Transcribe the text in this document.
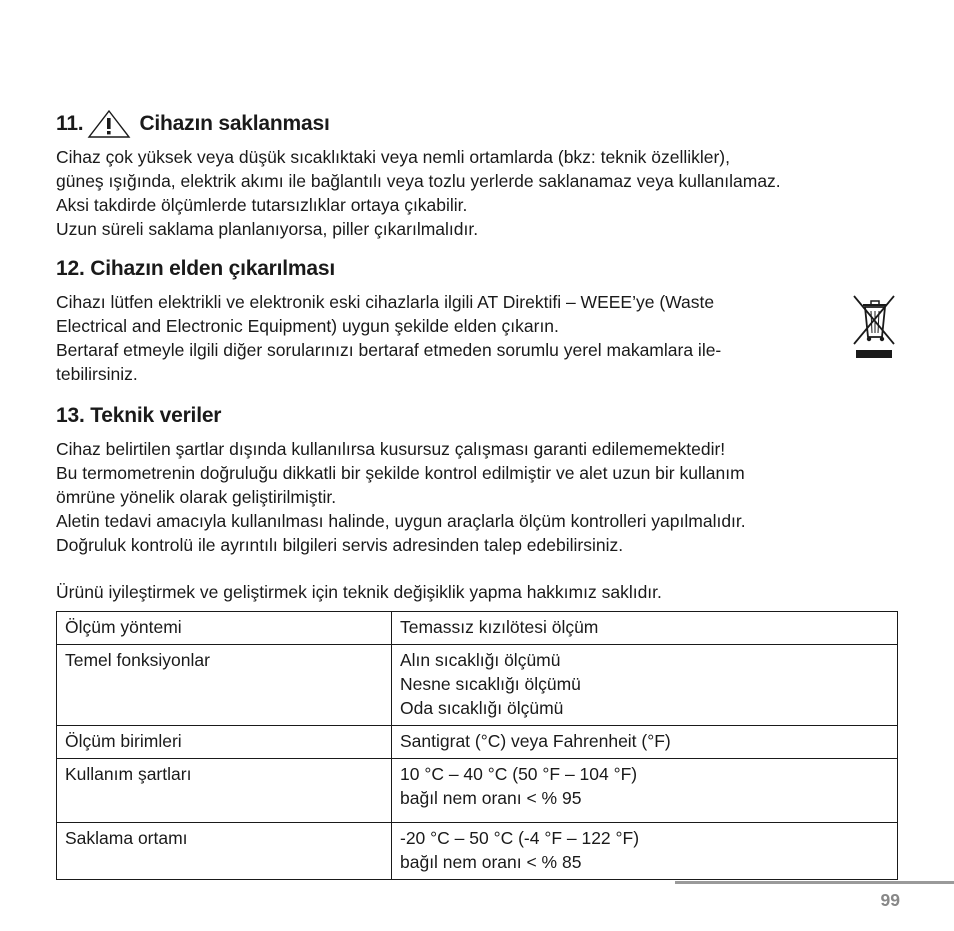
11.	Cihazın saklanması
Cihaz çok yüksek veya düşük sıcaklıktaki veya nemli ortamlarda (bkz: teknik özellikler),
güneş ışığında, elektrik akımı ile bağlantılı veya tozlu yerlerde saklanamaz veya kullanılamaz.
Aksi takdirde ölçümlerde tutarsızlıklar ortaya çıkabilir.
Uzun süreli saklama planlanıyorsa, piller çıkarılmalıdır.
12. Cihazın elden çıkarılması
Cihazı lütfen elektrikli ve elektronik eski cihazlarla ilgili AT Direktifi – WEEE’ye (Waste
Electrical and Electronic Equipment) uygun şekilde elden çıkarın.
Bertaraf etmeyle ilgili diğer sorularınızı bertaraf etmeden sorumlu yerel makamlara ile-
tebilirsiniz.
13. Teknik veriler
Cihaz belirtilen şartlar dışında kullanılırsa kusursuz çalışması garanti edilememektedir!
Bu termometrenin doğruluğu dikkatli bir şekilde kontrol edilmiştir ve alet uzun bir kullanım
ömrüne yönelik olarak geliştirilmiştir.
Aletin tedavi amacıyla kullanılması halinde, uygun araçlarla ölçüm kontrolleri yapılmalıdır.
Doğruluk kontrolü ile ayrıntılı bilgileri servis adresinden talep edebilirsiniz.
Ürünü iyileştirmek ve geliştirmek için teknik değişiklik yapma hakkımız saklıdır.
Ölçüm yöntemi	Temassız kızılötesi ölçüm

Temel fonksiyonlar	Alın sıcaklığı ölçümü
Nesne sıcaklığı ölçümü
Oda sıcaklığı ölçümü

Ölçüm birimleri	Santigrat (°C) veya Fahrenheit (°F)

Kullanım şartları	10 °C – 40 °C (50 °F – 104 °F)
bağıl nem oranı < % 95

Saklama ortamı	-20 °C – 50 °C (-4 °F – 122 °F)
bağıl nem oranı < % 85
99
